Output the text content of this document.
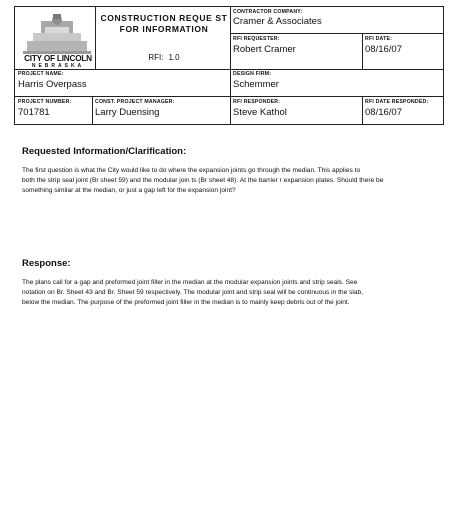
CITY OF LINCOLN
NEBRASKA
CONSTRUCTION REQUE ST FOR INFORMATION
RFI: 1.0
CONTRACTOR COMPANY:
Cramer & Associates
RFI REQUESTER:
Robert Cramer
RFI DATE:
08/16/07
PROJECT NAME:
Harris Overpass
DESIGN FIRM:
Schemmer
PROJECT NUMBER:
701781
CONST. PROJECT MANAGER:
Larry Duensing
RFI RESPONDER:
Steve Kathol
RFI DATE RESPONDED:
08/16/07
Requested Information/Clarification:
The first question is what the City would like to do where the expansion joints go through the median. This applies to
both the strip seal joint (Br sheet 59) and the modular join ts (Br sheet 48). At the barrier r expansion plates. Should there be
something similar at the median, or just a gap left for the expansion joint?
Response:
The plans call for a gap and preformed joint filler in the median at the modular expansion joints and strip seals. See
notation on Br. Sheet 43 and Br. Sheet 59 respectively. The modular joint and strip seal will be continuous in the slab,
below the median. The purpose of the preformed joint filler in the median is to mainly keep debris out of the joint.
